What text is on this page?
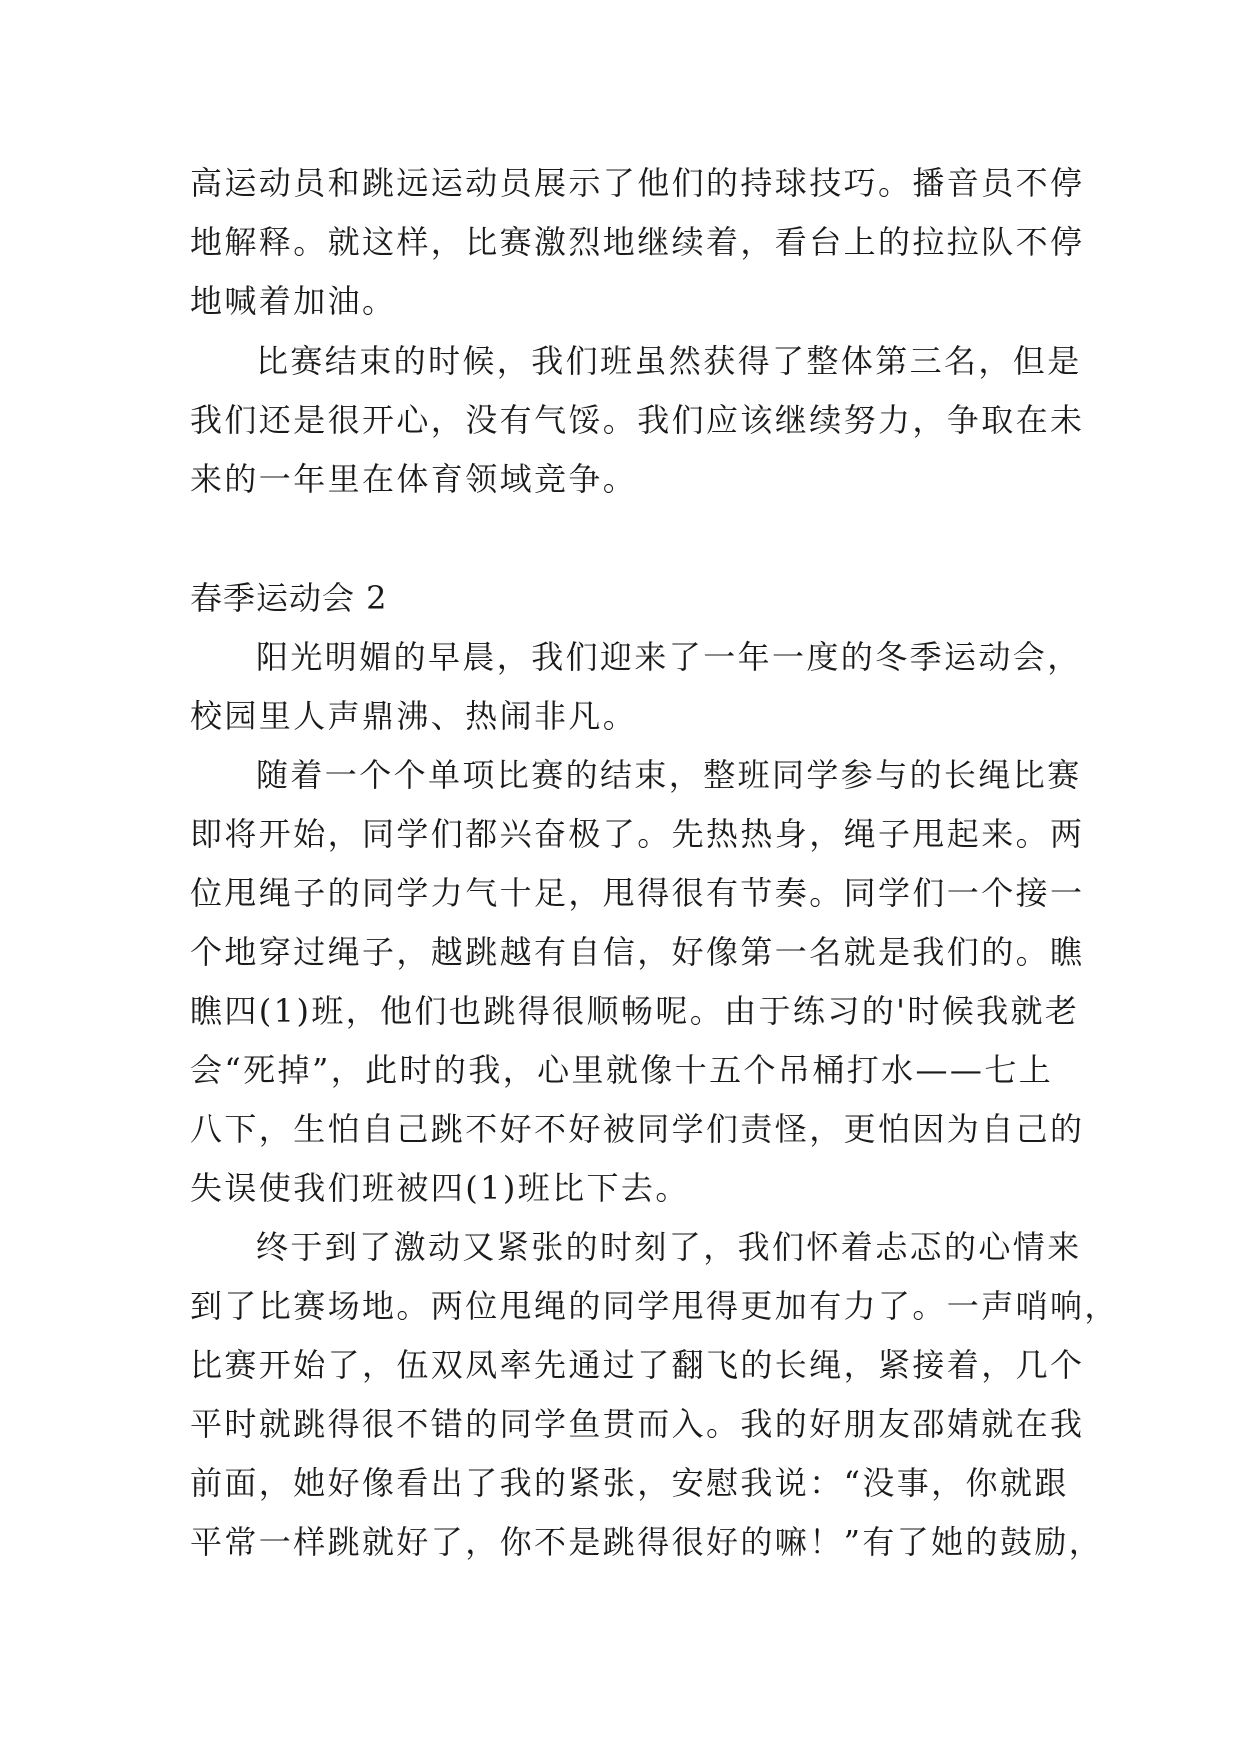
高运动员和跳远运动员展示了他们的持球技巧。播音员不停
地解释。就这样，比赛激烈地继续着，看台上的拉拉队不停
地喊着加油。
比赛结束的时候，我们班虽然获得了整体第三名，但是
我们还是很开心，没有气馁。我们应该继续努力，争取在未
来的一年里在体育领域竞争。
春季运动会 2
阳光明媚的早晨，我们迎来了一年一度的冬季运动会，
校园里人声鼎沸、热闹非凡。
随着一个个单项比赛的结束，整班同学参与的长绳比赛
即将开始，同学们都兴奋极了。先热热身，绳子甩起来。两
位甩绳子的同学力气十足，甩得很有节奏。同学们一个接一
个地穿过绳子，越跳越有自信，好像第一名就是我们的。瞧
瞧四(1)班，他们也跳得很顺畅呢。由于练习的'时候我就老
会“死掉”，此时的我，心里就像十五个吊桶打水——七上
八下，生怕自己跳不好不好被同学们责怪，更怕因为自己的
失误使我们班被四(1)班比下去。
终于到了激动又紧张的时刻了，我们怀着忐忑的心情来
到了比赛场地。两位甩绳的同学甩得更加有力了。一声哨响，
比赛开始了，伍双凤率先通过了翻飞的长绳，紧接着，几个
平时就跳得很不错的同学鱼贯而入。我的好朋友邵婧就在我
前面，她好像看出了我的紧张，安慰我说：“没事，你就跟
平常一样跳就好了，你不是跳得很好的嘛！”有了她的鼓励，
